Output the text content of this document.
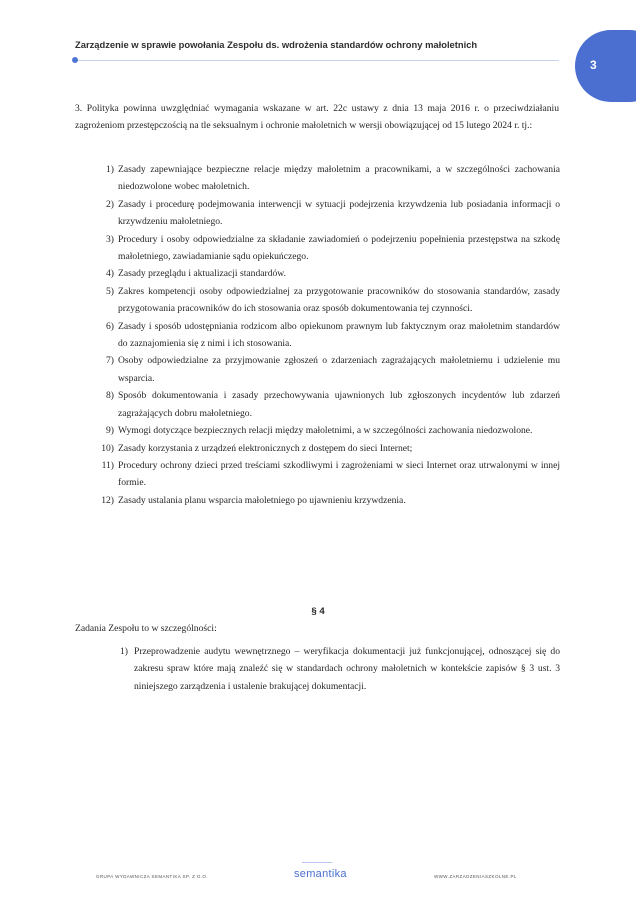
Zarządzenie w sprawie powołania Zespołu ds. wdrożenia standardów ochrony małoletnich
3

3. Polityka powinna uwzględniać wymagania wskazane w art. 22c ustawy z dnia 13 maja 2016 r. o przeciwdziałaniu zagrożeniom przestępczością na tle seksualnym i ochronie małoletnich w wersji obowiązującej od 15 lutego 2024 r. tj.:

1) Zasady zapewniające bezpieczne relacje między małoletnim a pracownikami, a w szczególności zachowania niedozwolone wobec małoletnich.
2) Zasady i procedurę podejmowania interwencji w sytuacji podejrzenia krzywdzenia lub posiadania informacji o krzywdzeniu małoletniego.
3) Procedury i osoby odpowiedzialne za składanie zawiadomień o podejrzeniu popełnienia przestępstwa na szkodę małoletniego, zawiadamianie sądu opiekuńczego.
4) Zasady przeglądu i aktualizacji standardów.
5) Zakres kompetencji osoby odpowiedzialnej za przygotowanie pracowników do stosowania standardów, zasady przygotowania pracowników do ich stosowania oraz sposób dokumentowania tej czynności.
6) Zasady i sposób udostępniania rodzicom albo opiekunom prawnym lub faktycznym oraz małoletnim standardów do zaznajomienia się z nimi i ich stosowania.
7) Osoby odpowiedzialne za przyjmowanie zgłoszeń o zdarzeniach zagrażających małoletniemu i udzielenie mu wsparcia.
8) Sposób dokumentowania i zasady przechowywania ujawnionych lub zgłoszonych incydentów lub zdarzeń zagrażających dobru małoletniego.
9) Wymogi dotyczące bezpiecznych relacji między małoletnimi, a w szczególności zachowania niedozwolone.
10) Zasady korzystania z urządzeń elektronicznych z dostępem do sieci Internet;
11) Procedury ochrony dzieci przed treściami szkodliwymi i zagrożeniami w sieci Internet oraz utrwalonymi w innej formie.
12) Zasady ustalania planu wsparcia małoletniego po ujawnieniu krzywdzenia.
§ 4

Zadania Zespołu to w szczególności:

1) Przeprowadzenie audytu wewnętrznego – weryfikacja dokumentacji już funkcjonującej, odnoszącej się do zakresu spraw które mają znaleźć się w standardach ochrony małoletnich w kontekście zapisów § 3 ust. 3 niniejszego zarządzenia i ustalenie brakującej dokumentacji.
GRUPA WYDAWNICZA SEMANTIKA SP. Z O.O.	semantika	WWW.ZARZADZENIASZKOLNE.PL
